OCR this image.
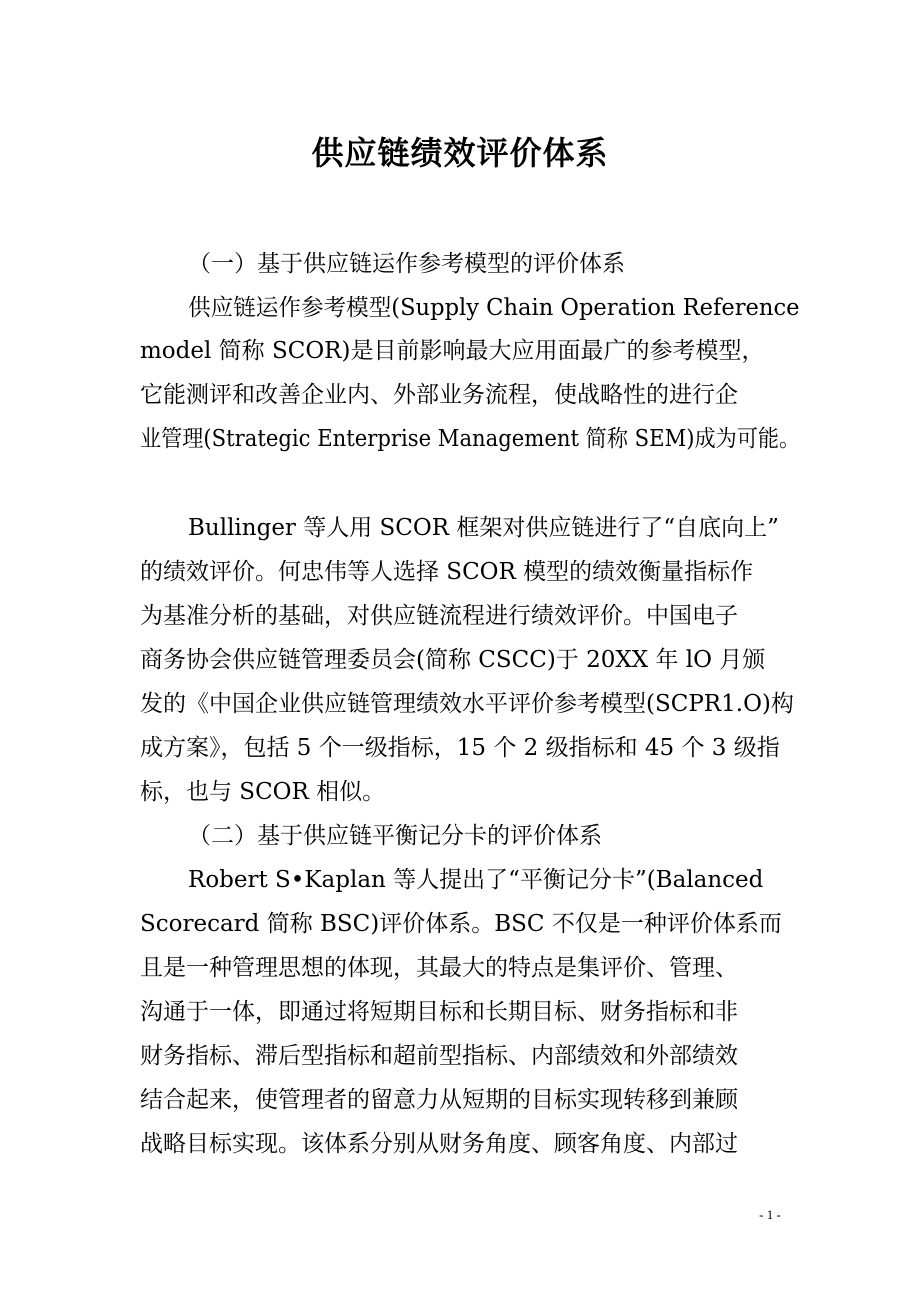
供应链绩效评价体系
（一）基于供应链运作参考模型的评价体系
供应链运作参考模型(Supply Chain Operation Reference
model 简称 SCOR)是目前影响最大应用面最广的参考模型，
它能测评和改善企业内、外部业务流程，使战略性的进行企
业管理(Strategic Enterprise Management 简称 SEM)成为可能。
Bullinger 等人用 SCOR 框架对供应链进行了“自底向上”
的绩效评价。何忠伟等人选择 SCOR 模型的绩效衡量指标作
为基准分析的基础，对供应链流程进行绩效评价。中国电子
商务协会供应链管理委员会(简称 CSCC)于 20XX 年 lO 月颁
发的《中国企业供应链管理绩效水平评价参考模型(SCPR1.O)构
成方案》，包括 5 个一级指标，15 个 2 级指标和 45 个 3 级指
标，也与 SCOR 相似。
（二）基于供应链平衡记分卡的评价体系
Robert S•Kaplan 等人提出了“平衡记分卡”(Balanced
Scorecard 简称 BSC)评价体系。BSC 不仅是一种评价体系而
且是一种管理思想的体现，其最大的特点是集评价、管理、
沟通于一体，即通过将短期目标和长期目标、财务指标和非
财务指标、滞后型指标和超前型指标、内部绩效和外部绩效
结合起来，使管理者的留意力从短期的目标实现转移到兼顾
战略目标实现。该体系分别从财务角度、顾客角度、内部过
- 1 -
